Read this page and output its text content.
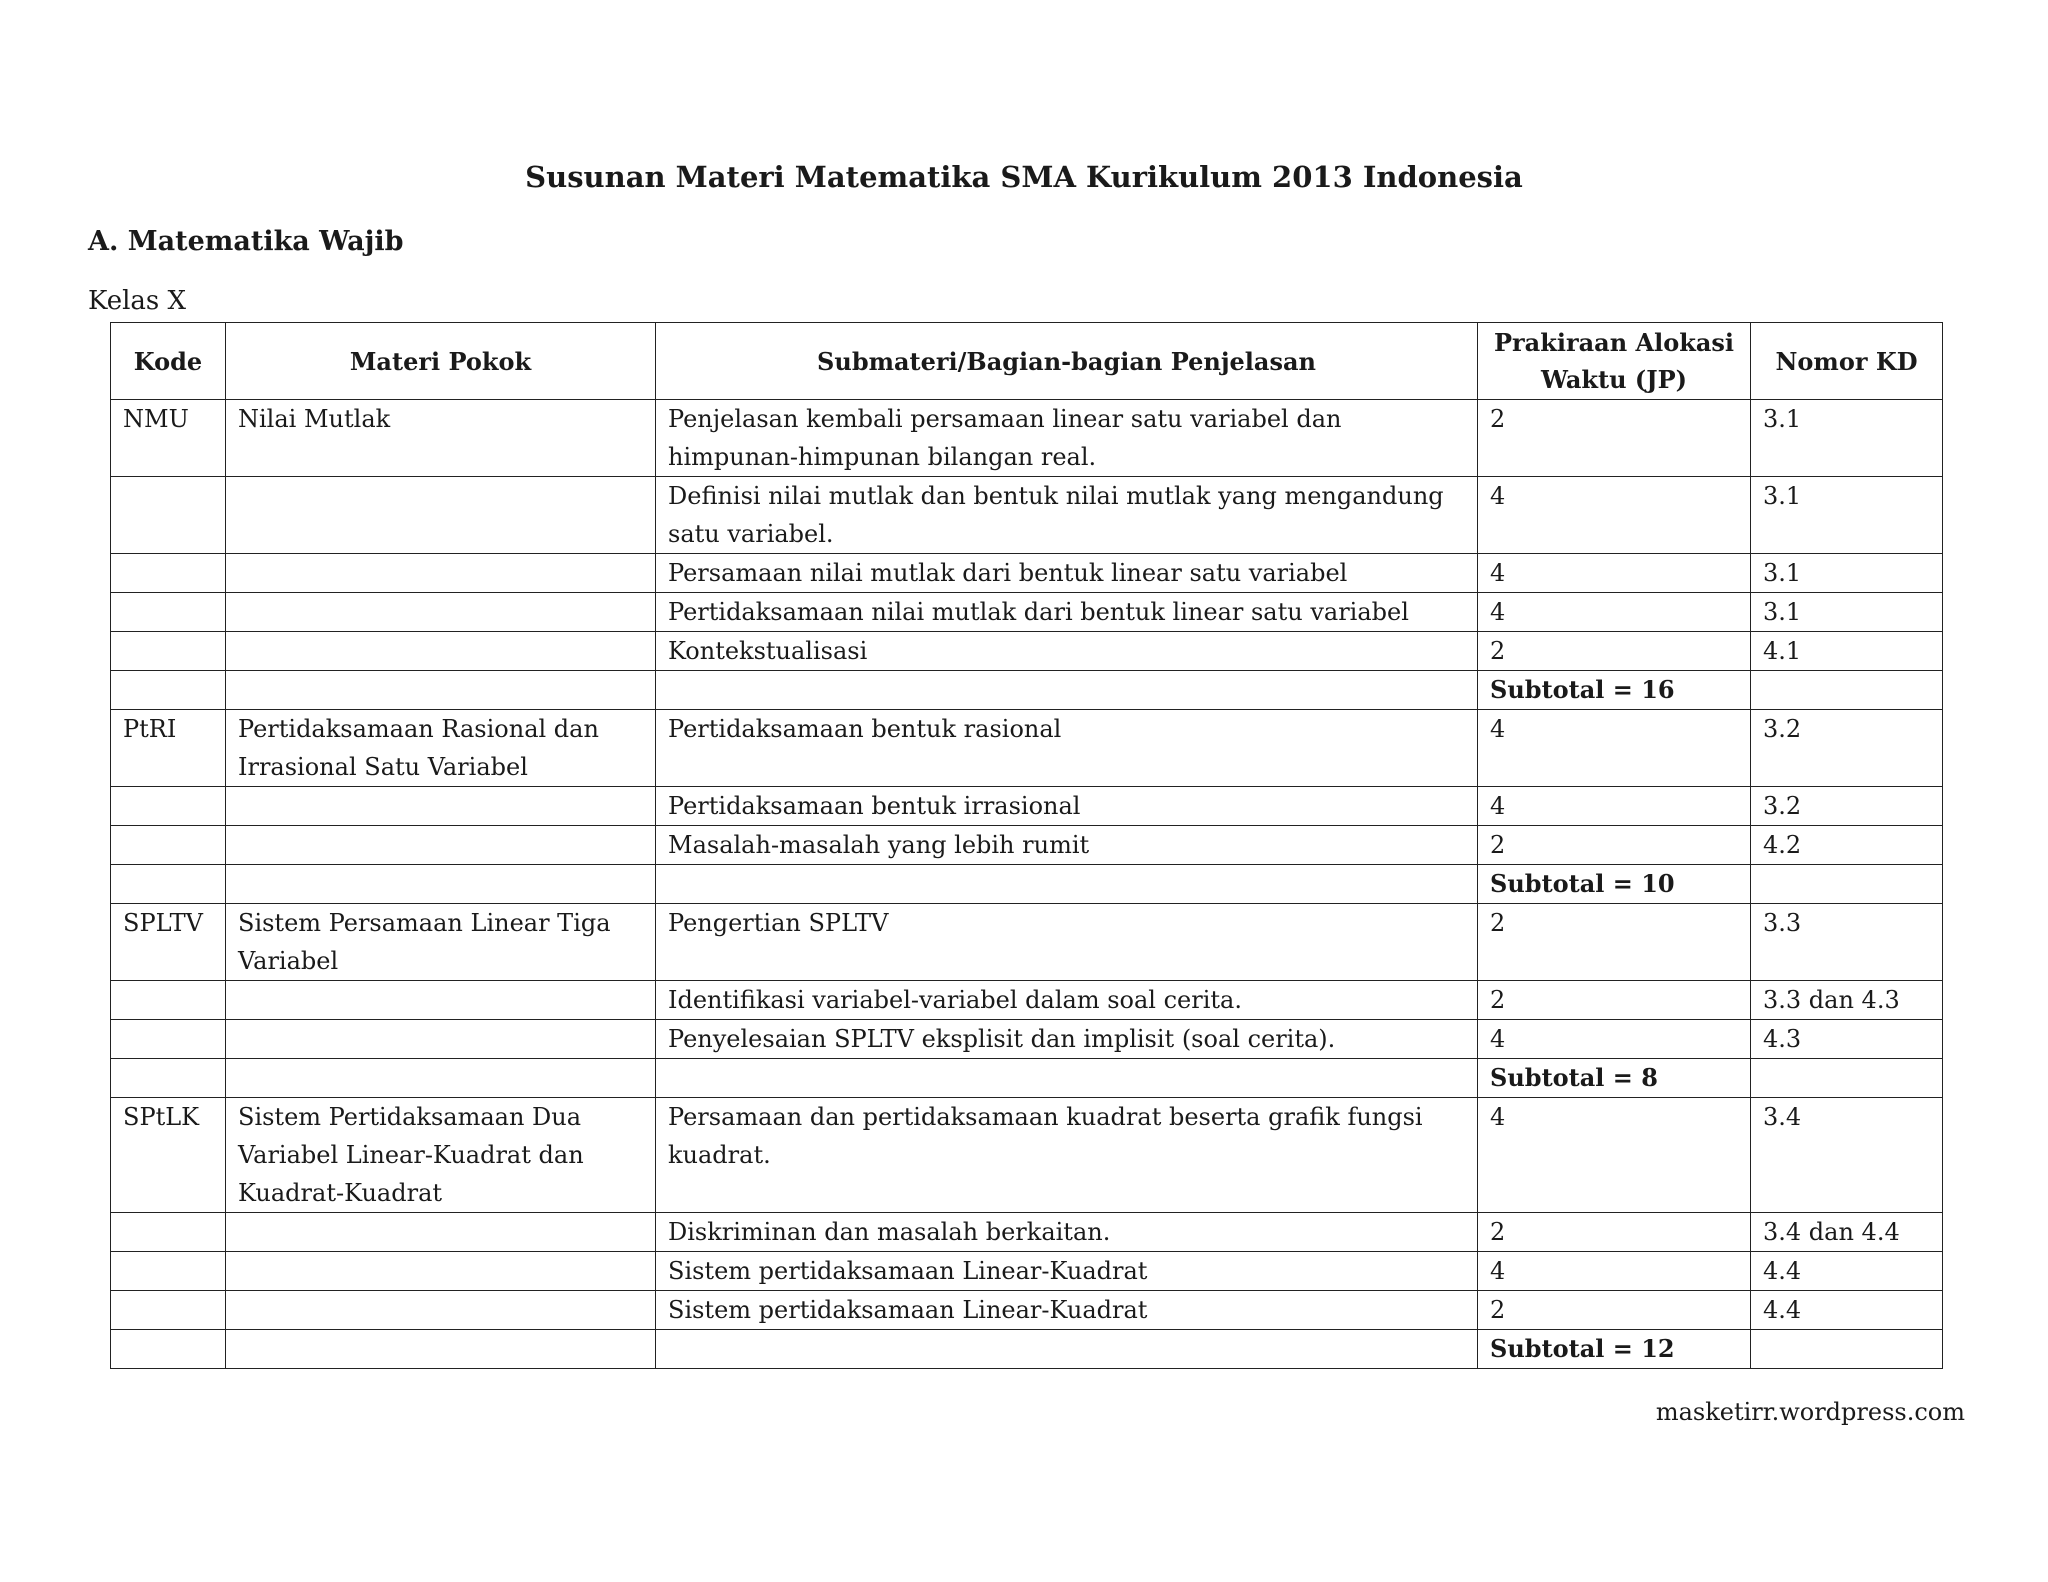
Susunan Materi Matematika SMA Kurikulum 2013 Indonesia
A. Matematika Wajib

Kelas X

Kode	Materi Pokok	Submateri/Bagian-bagian Penjelasan	Prakiraan Alokasi Waktu (JP)	Nomor KD
NMU	Nilai Mutlak	Penjelasan kembali persamaan linear satu variabel dan himpunan-himpunan bilangan real.	2	3.1
		Definisi nilai mutlak dan bentuk nilai mutlak yang mengandung satu variabel.	4	3.1
		Persamaan nilai mutlak dari bentuk linear satu variabel	4	3.1
		Pertidaksamaan nilai mutlak dari bentuk linear satu variabel	4	3.1
		Kontekstualisasi	2	4.1
			Subtotal = 16	
PtRI	Pertidaksamaan Rasional dan Irrasional Satu Variabel	Pertidaksamaan bentuk rasional	4	3.2
		Pertidaksamaan bentuk irrasional	4	3.2
		Masalah-masalah yang lebih rumit	2	4.2
			Subtotal = 10	
SPLTV	Sistem Persamaan Linear Tiga Variabel	Pengertian SPLTV	2	3.3
		Identifikasi variabel-variabel dalam soal cerita.	2	3.3 dan 4.3
		Penyelesaian SPLTV eksplisit dan implisit (soal cerita).	4	4.3
			Subtotal = 8	
SPtLK	Sistem Pertidaksamaan Dua Variabel Linear-Kuadrat dan Kuadrat-Kuadrat	Persamaan dan pertidaksamaan kuadrat beserta grafik fungsi kuadrat.	4	3.4
		Diskriminan dan masalah berkaitan.	2	3.4 dan 4.4
		Sistem pertidaksamaan Linear-Kuadrat	4	4.4
		Sistem pertidaksamaan Linear-Kuadrat	2	4.4
			Subtotal = 12	

masketirr.wordpress.com
